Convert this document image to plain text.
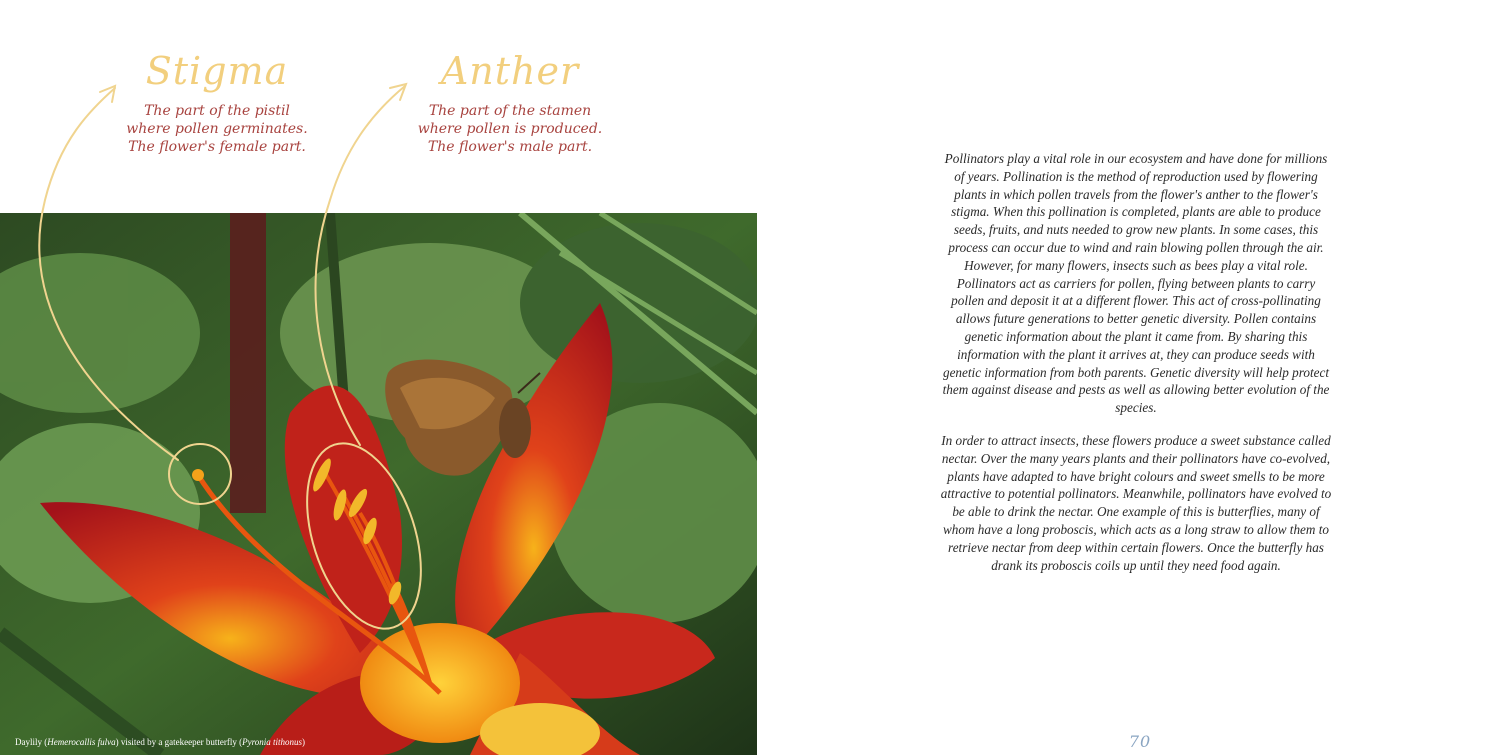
Stigma
The part of the pistil
where pollen germinates.
The flower's female part.
Anther
The part of the stamen
where pollen is produced.
The flower's male part.
Daylily (Hemerocallis fulva) visited by a gatekeeper butterfly (Pyronia tithonus)
Pollinators play a vital role in our ecosystem and have done for millions of years. Pollination is the method of reproduction used by flowering plants in which pollen travels from the flower's anther to the flower's stigma. When this pollination is completed, plants are able to produce seeds, fruits, and nuts needed to grow new plants. In some cases, this process can occur due to wind and rain blowing pollen through the air. However, for many flowers, insects such as bees play a vital role. Pollinators act as carriers for pollen, flying between plants to carry pollen and deposit it at a different flower. This act of cross-pollinating allows future generations to better genetic diversity. Pollen contains genetic information about the plant it came from. By sharing this information with the plant it arrives at, they can produce seeds with genetic information from both parents. Genetic diversity will help protect them against disease and pests as well as allowing better evolution of the species.
In order to attract insects, these flowers produce a sweet substance called nectar. Over the many years plants and their pollinators have co-evolved, plants have adapted to have bright colours and sweet smells to be more attractive to potential pollinators. Meanwhile, pollinators have evolved to be able to drink the nectar. One example of this is butterflies, many of whom have a long proboscis, which acts as a long straw to allow them to retrieve nectar from deep within certain flowers. Once the butterfly has drank its proboscis coils up until they need food again.
70
